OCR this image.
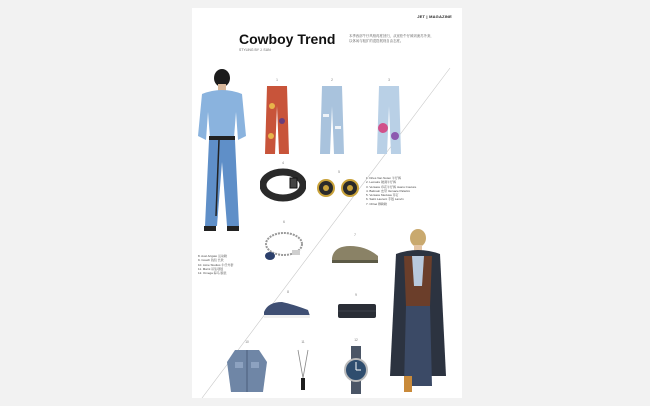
JET | MAGAZINE
Cowboy Trend
STYLING BY J. SUN
本季西部牛仔风格再度回归，从宽松牛仔裤到流苏外套，
以休闲与粗犷的混搭展现自由态度。
1	2	3
4
5
6
7
8
9
10	11	12
1. Dries Van Noten 牛仔裤
2. Lemaire 破洞牛仔裤
3. Versace 印花牛仔裤 Jeans Couture
4. Balmain 皮带 Versace Palazzo
5. Versace Medusa 耳钉
6. Saint Laurent 手链 Lanvin
7. Chloé 穆勒鞋
8. Axel Arigato 运动鞋
9. Coach 钱包 长款
10. Acne Studios 牛仔外套
11. Marni 吊坠项链
12. Omega 海马 腕表
